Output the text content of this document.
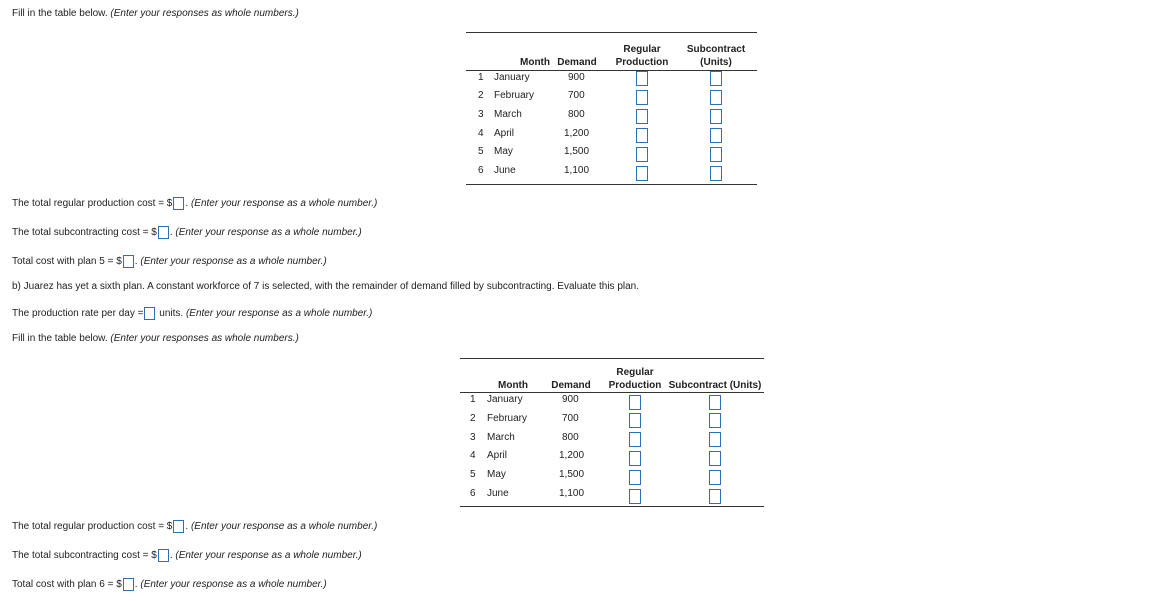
Fill in the table below. (Enter your responses as whole numbers.)
Month Demand
Regular
Production
Subcontract
(Units)
1 January	900
2 February	700
3 March	800
4 April	1,200
5 May	1,500
6 June	1,100
The total regular production cost = $ . (Enter your response as a whole number.)
The total subcontracting cost = $ . (Enter your response as a whole number.)
Total cost with plan 5 = $ . (Enter your response as a whole number.)
b) Juarez has yet a sixth plan. A constant workforce of 7 is selected, with the remainder of demand filled by subcontracting. Evaluate this plan.
The production rate per day = units. (Enter your response as a whole number.)
Fill in the table below. (Enter your responses as whole numbers.)
Month	Demand
Regular
Production Subcontract (Units)
1 January	900
2 February	700
3 March	800
4 April	1,200
5 May	1,500
6 June	1,100
The total regular production cost = $ . (Enter your response as a whole number.)
The total subcontracting cost = $ . (Enter your response as a whole number.)
Total cost with plan 6 = $ . (Enter your response as a whole number.)
